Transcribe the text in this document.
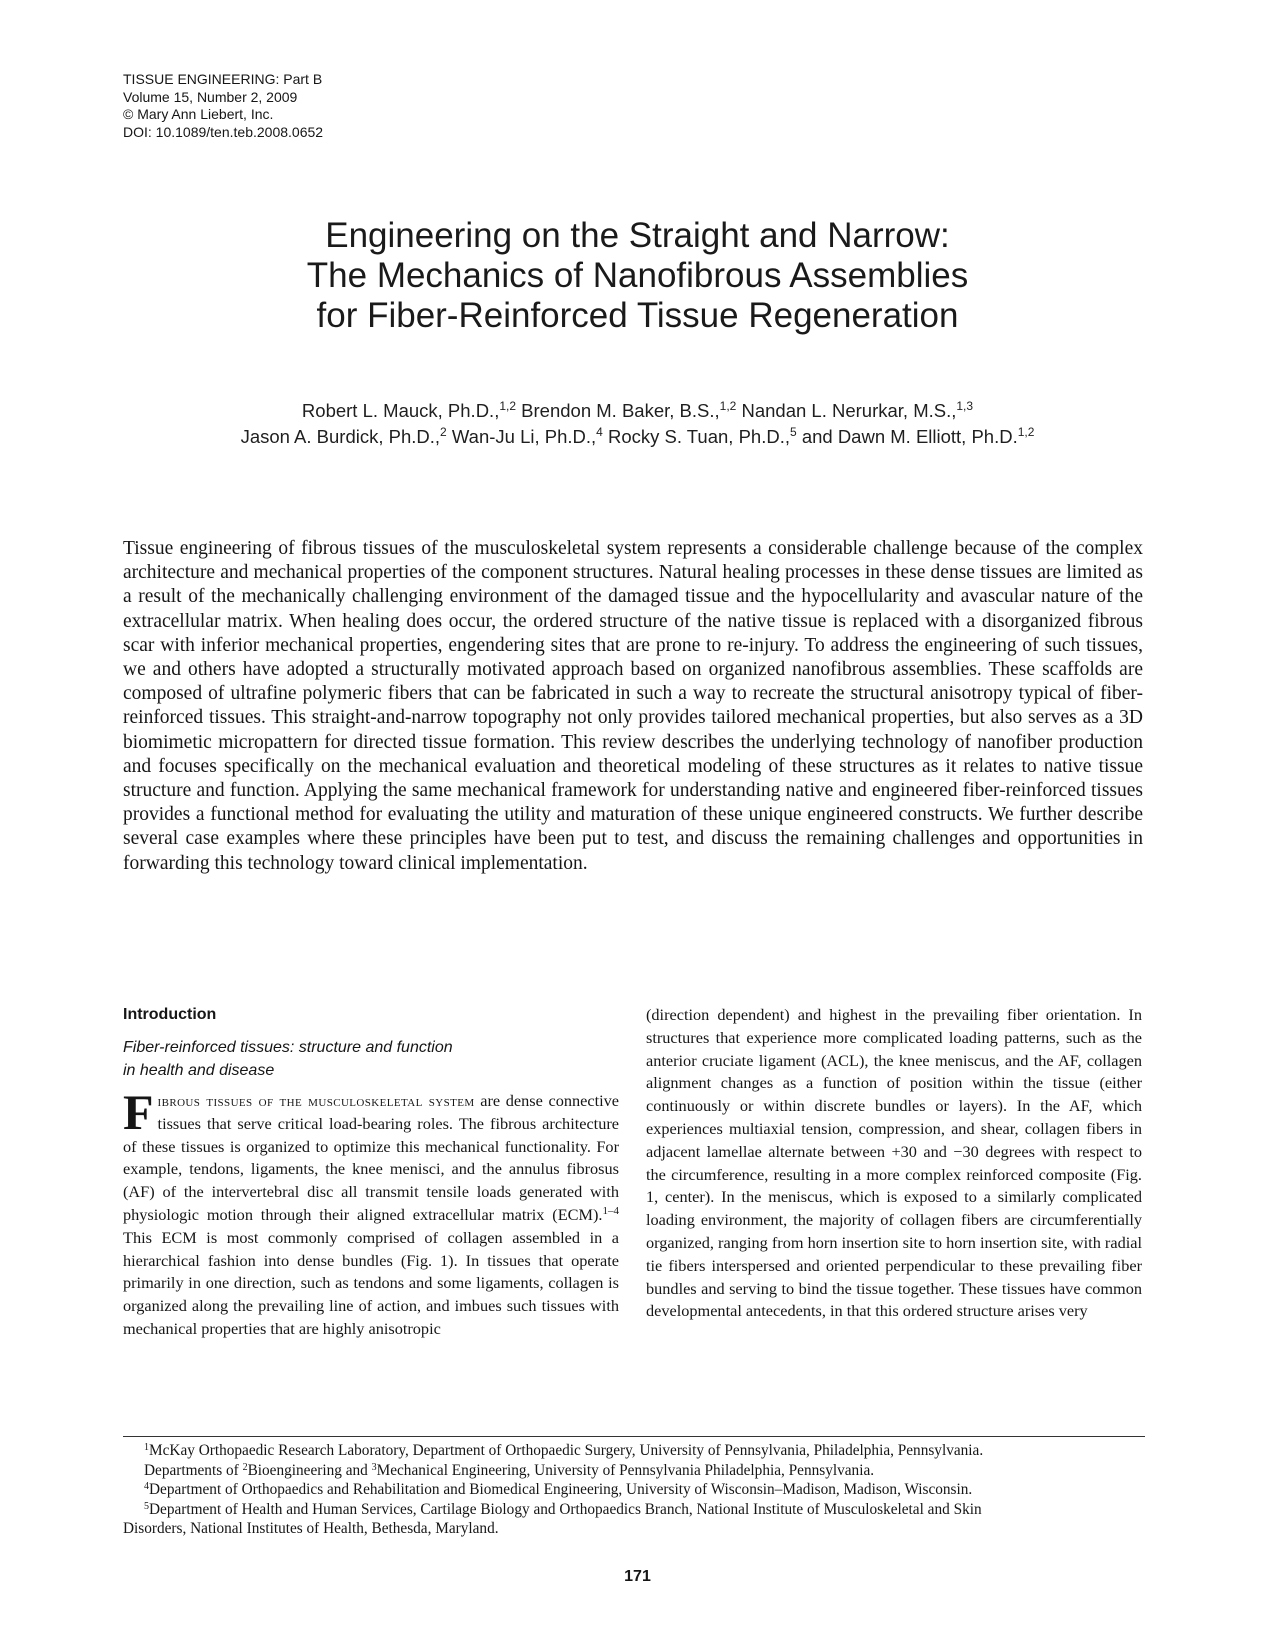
TISSUE ENGINEERING: Part B
Volume 15, Number 2, 2009
© Mary Ann Liebert, Inc.
DOI: 10.1089/ten.teb.2008.0652
Engineering on the Straight and Narrow:
The Mechanics of Nanofibrous Assemblies
for Fiber-Reinforced Tissue Regeneration
Robert L. Mauck, Ph.D.,$^{1,2}$ Brendon M. Baker, B.S.,$^{1,2}$ Nandan L. Nerurkar, M.S.,$^{1,3}$
Jason A. Burdick, Ph.D.,$^2$ Wan-Ju Li, Ph.D.,$^4$ Rocky S. Tuan, Ph.D.,$^5$ and Dawn M. Elliott, Ph.D.$^{1,2}$
Tissue engineering of fibrous tissues of the musculoskeletal system represents a considerable challenge because of the complex architecture and mechanical properties of the component structures. Natural healing processes in these dense tissues are limited as a result of the mechanically challenging environment of the damaged tissue and the hypocellularity and avascular nature of the extracellular matrix. When healing does occur, the ordered structure of the native tissue is replaced with a disorganized fibrous scar with inferior mechanical properties, engendering sites that are prone to re-injury. To address the engineering of such tissues, we and others have adopted a structurally motivated approach based on organized nanofibrous assemblies. These scaffolds are composed of ultrafine polymeric fibers that can be fabricated in such a way to recreate the structural anisotropy typical of fiber-reinforced tissues. This straight-and-narrow topography not only provides tailored mechanical properties, but also serves as a 3D biomimetic micropattern for directed tissue formation. This review describes the underlying technology of nanofiber production and focuses specifically on the mechanical evaluation and theoretical modeling of these structures as it relates to native tissue structure and function. Applying the same mechanical framework for understanding native and engineered fiber-reinforced tissues provides a functional method for evaluating the utility and maturation of these unique engineered constructs. We further describe several case examples where these principles have been put to test, and discuss the remaining challenges and opportunities in forwarding this technology toward clinical implementation.
Introduction
Fiber-reinforced tissues: structure and function
in health and disease

Fibrous tissues of the musculoskeletal system are dense connective tissues that serve critical load-bearing roles. The fibrous architecture of these tissues is organized to optimize this mechanical functionality. For example, tendons, ligaments, the knee menisci, and the annulus fibrosus (AF) of the intervertebral disc all transmit tensile loads generated with physiologic motion through their aligned extracellular matrix (ECM).$^{1-4}$ This ECM is most commonly comprised of collagen assembled in a hierarchical fashion into dense bundles (Fig. 1). In tissues that operate primarily in one direction, such as tendons and some ligaments, collagen is organized along the prevailing line of action, and imbues such tissues with mechanical properties that are highly anisotropic

(direction dependent) and highest in the prevailing fiber orientation. In structures that experience more complicated loading patterns, such as the anterior cruciate ligament (ACL), the knee meniscus, and the AF, collagen alignment changes as a function of position within the tissue (either continuously or within discrete bundles or layers). In the AF, which experiences multiaxial tension, compression, and shear, collagen fibers in adjacent lamellae alternate between +30 and −30 degrees with respect to the circumference, resulting in a more complex reinforced composite (Fig. 1, center). In the meniscus, which is exposed to a similarly complicated loading environment, the majority of collagen fibers are circumferentially organized, ranging from horn insertion site to horn insertion site, with radial tie fibers interspersed and oriented perpendicular to these prevailing fiber bundles and serving to bind the tissue together. These tissues have common developmental antecedents, in that this ordered structure arises very
$^1$McKay Orthopaedic Research Laboratory, Department of Orthopaedic Surgery, University of Pennsylvania, Philadelphia, Pennsylvania.
Departments of $^2$Bioengineering and $^3$Mechanical Engineering, University of Pennsylvania Philadelphia, Pennsylvania.
$^4$Department of Orthopaedics and Rehabilitation and Biomedical Engineering, University of Wisconsin–Madison, Madison, Wisconsin.
$^5$Department of Health and Human Services, Cartilage Biology and Orthopaedics Branch, National Institute of Musculoskeletal and Skin
Disorders, National Institutes of Health, Bethesda, Maryland.
171
